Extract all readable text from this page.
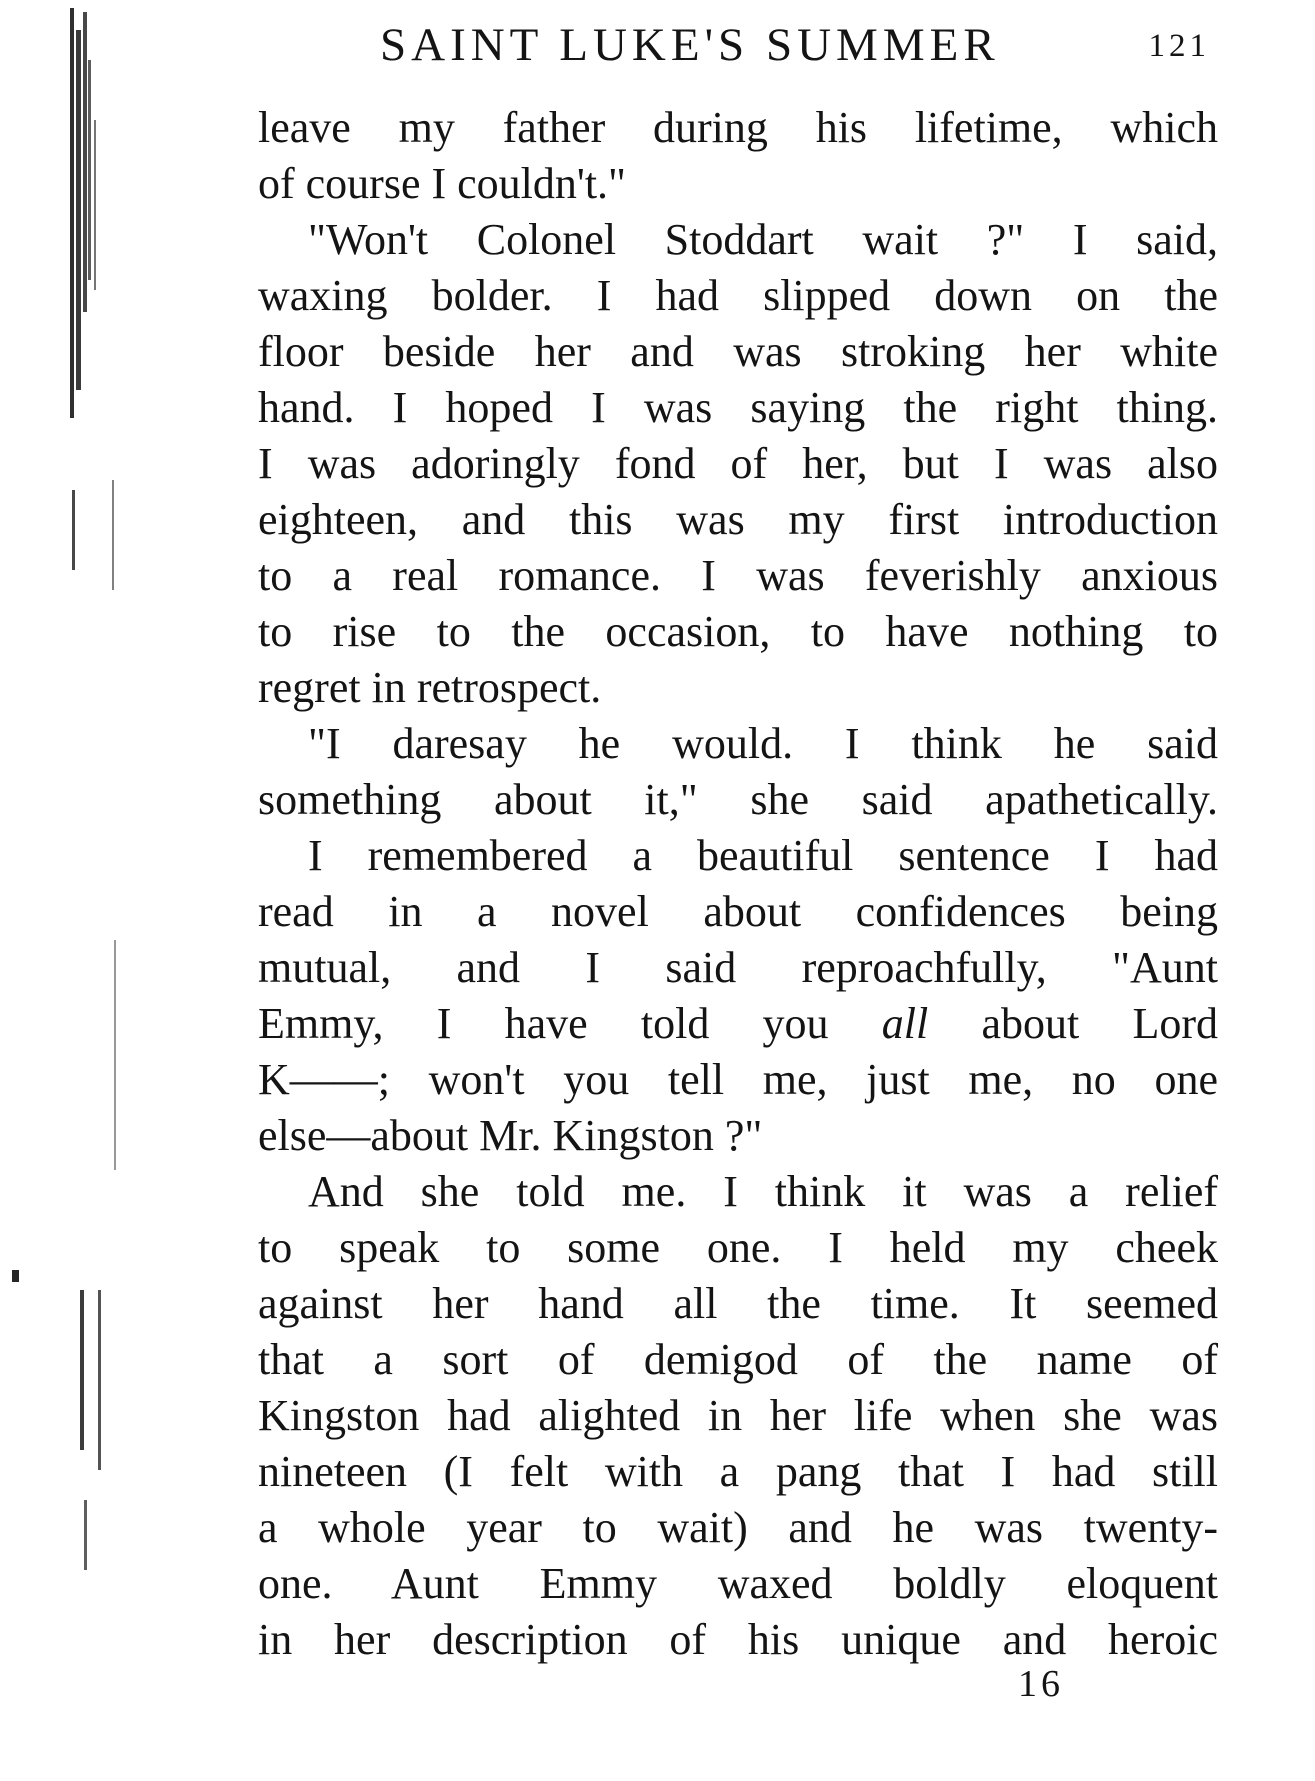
SAINT LUKE'S SUMMER	121
leave my father during his lifetime, which
of course I couldn't."
"Won't Colonel Stoddart wait ?" I said,
waxing bolder. I had slipped down on the
floor beside her and was stroking her white
hand. I hoped I was saying the right thing.
I was adoringly fond of her, but I was also
eighteen, and this was my first introduction
to a real romance. I was feverishly anxious
to rise to the occasion, to have nothing to
regret in retrospect.
"I daresay he would. I think he said
something about it," she said apathetically.
I remembered a beautiful sentence I had
read in a novel about confidences being
mutual, and I said reproachfully, "Aunt
Emmy, I have told you all about Lord
K——; won't you tell me, just me, no one
else—about Mr. Kingston ?"
And she told me. I think it was a relief
to speak to some one. I held my cheek
against her hand all the time. It seemed
that a sort of demigod of the name of
Kingston had alighted in her life when she was
nineteen (I felt with a pang that I had still
a whole year to wait) and he was twenty-
one. Aunt Emmy waxed boldly eloquent
in her description of his unique and heroic
16
